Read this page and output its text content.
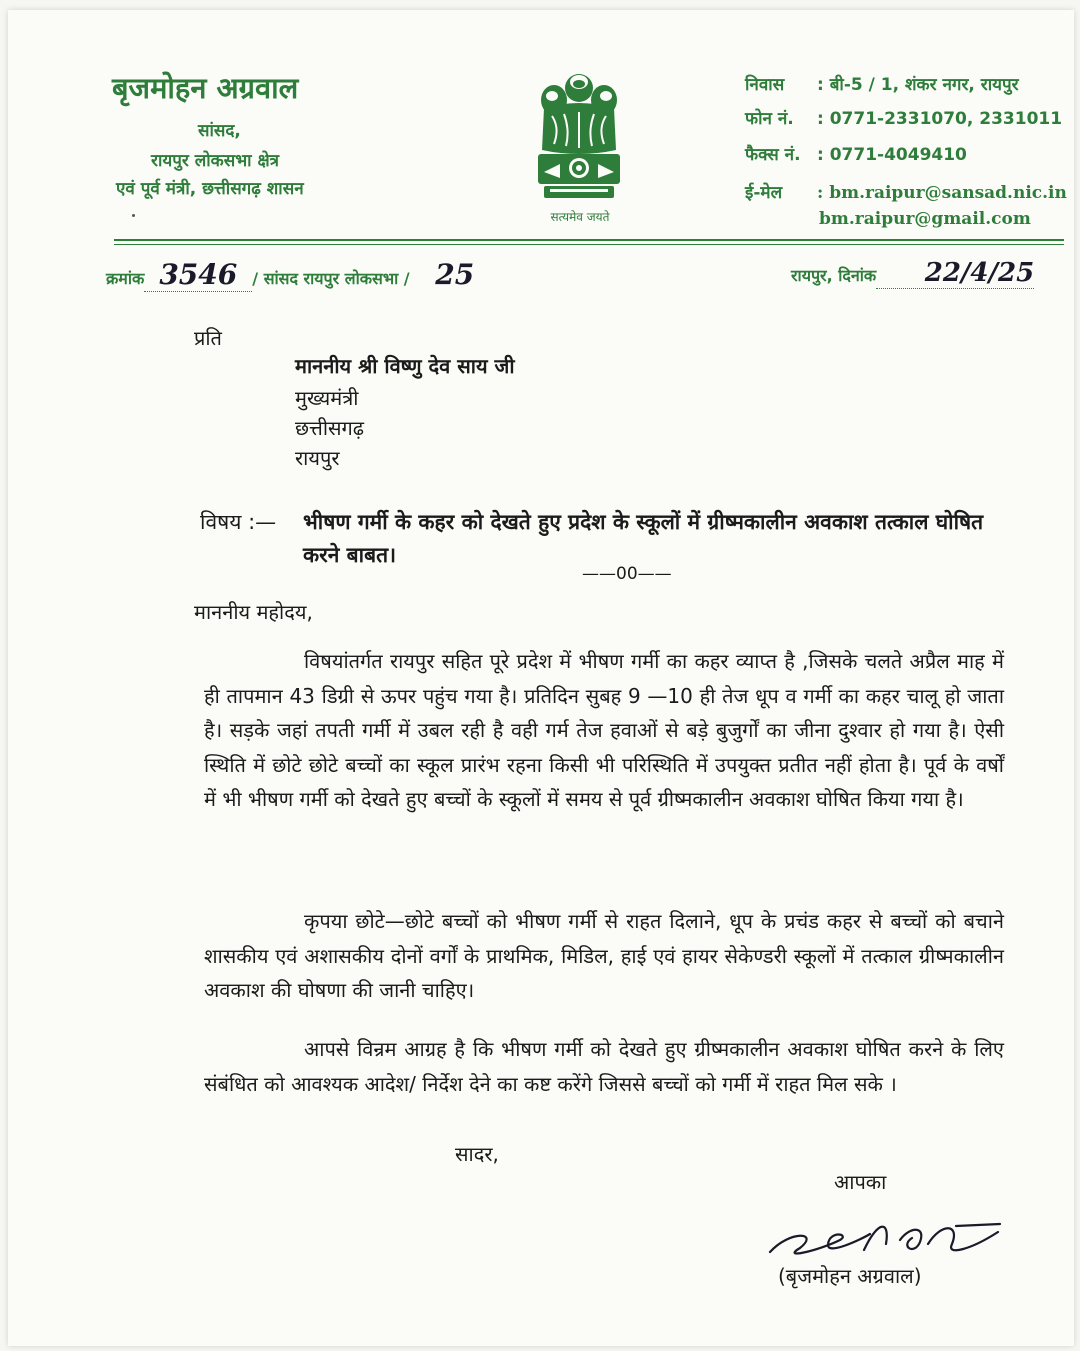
बृजमोहन अग्रवाल
सांसद,
रायपुर लोकसभा क्षेत्र
एवं पूर्व मंत्री, छत्तीसगढ़ शासन
सत्यमेव जयते
निवास : बी-5 / 1, शंकर नगर, रायपुर
फोन नं. : 0771-2331070, 2331011
फैक्स नं. : 0771-4049410
ई-मेल : bm.raipur@sansad.nic.in
bm.raipur@gmail.com
क्रमांक 3546 / सांसद रायपुर लोकसभा / 25	रायपुर, दिनांक 22/4/25
प्रति
माननीय श्री विष्णु देव साय जी
मुख्यमंत्री
छत्तीसगढ़
रायपुर
विषय :— भीषण गर्मी के कहर को देखते हुए प्रदेश के स्कूलों में ग्रीष्मकालीन अवकाश तत्काल घोषित करने बाबत।
——00——
माननीय महोदय,
विषयांतर्गत रायपुर सहित पूरे प्रदेश में भीषण गर्मी का कहर व्याप्त है ,जिसके चलते अप्रैल माह में ही तापमान 43 डिग्री से ऊपर पहुंच गया है। प्रतिदिन सुबह 9 —10 ही तेज धूप व गर्मी का कहर चालू हो जाता है। सड़के जहां तपती गर्मी में उबल रही है वही गर्म तेज हवाओं से बड़े बुजुर्गों का जीना दुश्वार हो गया है। ऐसी स्थिति में छोटे छोटे बच्चों का स्कूल प्रारंभ रहना किसी भी परिस्थिति में उपयुक्त प्रतीत नहीं होता है। पूर्व के वर्षों में भी भीषण गर्मी को देखते हुए बच्चों के स्कूलों में समय से पूर्व ग्रीष्मकालीन अवकाश घोषित किया गया है।
कृपया छोटे—छोटे बच्चों को भीषण गर्मी से राहत दिलाने, धूप के प्रचंड कहर से बच्चों को बचाने शासकीय एवं अशासकीय दोनों वर्गों के प्राथमिक, मिडिल, हाई एवं हायर सेकेण्डरी स्कूलों में तत्काल ग्रीष्मकालीन अवकाश की घोषणा की जानी चाहिए।
आपसे विन्रम आग्रह है कि भीषण गर्मी को देखते हुए ग्रीष्मकालीन अवकाश घोषित करने के लिए संबंधित को आवश्यक आदेश/ निर्देश देने का कष्ट करेंगे जिससे बच्चों को गर्मी में राहत मिल सके ।
सादर,
आपका
(बृजमोहन अग्रवाल)
